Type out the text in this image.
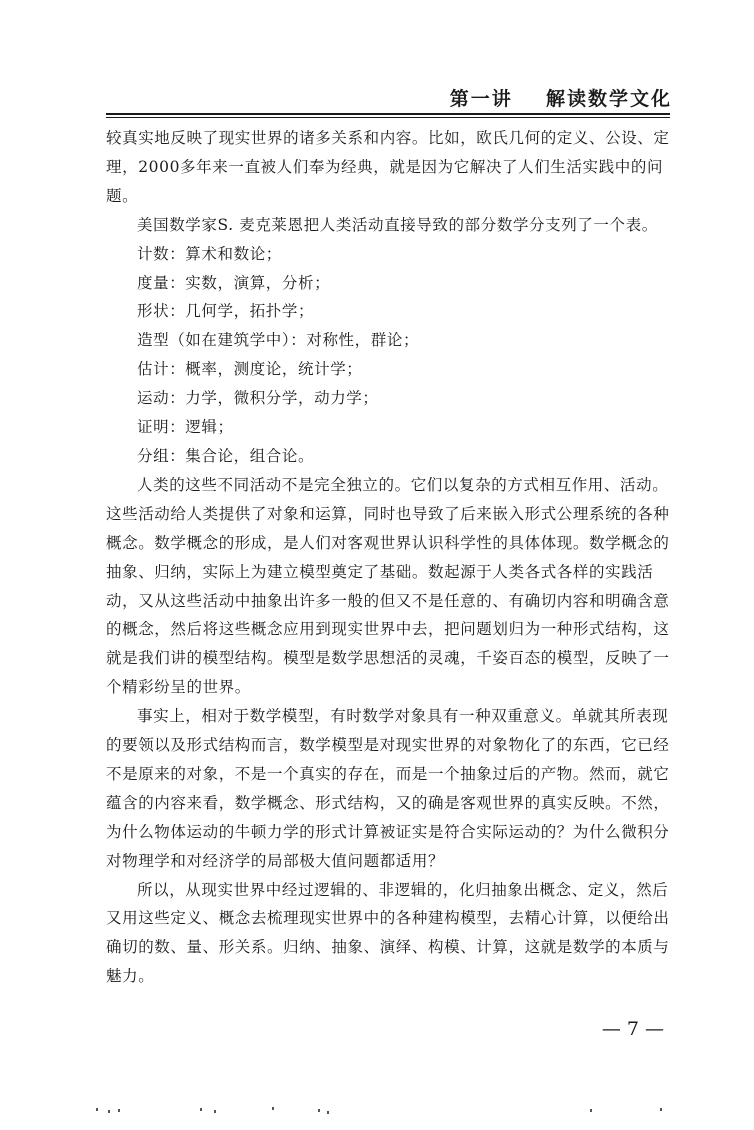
第一讲  解读数学文化

较真实地反映了现实世界的诸多关系和内容。比如，欧氏几何的定义、公设、定理，2000多年来一直被人们奉为经典，就是因为它解决了人们生活实践中的问题。

美国数学家S. 麦克莱恩把人类活动直接导致的部分数学分支列了一个表。

计数：算术和数论；
度量：实数，演算，分析；
形状：几何学，拓扑学；
造型（如在建筑学中）：对称性，群论；
估计：概率，测度论，统计学；
运动：力学，微积分学，动力学；
证明：逻辑；
分组：集合论，组合论。

人类的这些不同活动不是完全独立的。它们以复杂的方式相互作用、活动。这些活动给人类提供了对象和运算，同时也导致了后来嵌入形式公理系统的各种概念。数学概念的形成，是人们对客观世界认识科学性的具体体现。数学概念的抽象、归纳，实际上为建立模型奠定了基础。数起源于人类各式各样的实践活动，又从这些活动中抽象出许多一般的但又不是任意的、有确切内容和明确含意的概念，然后将这些概念应用到现实世界中去，把问题划归为一种形式结构，这就是我们讲的模型结构。模型是数学思想活的灵魂，千姿百态的模型，反映了一个精彩纷呈的世界。

事实上，相对于数学模型，有时数学对象具有一种双重意义。单就其所表现的要领以及形式结构而言，数学模型是对现实世界的对象物化了的东西，它已经不是原来的对象，不是一个真实的存在，而是一个抽象过后的产物。然而，就它蕴含的内容来看，数学概念、形式结构，又的确是客观世界的真实反映。不然，为什么物体运动的牛顿力学的形式计算被证实是符合实际运动的？为什么微积分对物理学和对经济学的局部极大值问题都适用？

所以，从现实世界中经过逻辑的、非逻辑的，化归抽象出概念、定义，然后又用这些定义、概念去梳理现实世界中的各种建构模型，去精心计算，以便给出确切的数、量、形关系。归纳、抽象、演绎、构模、计算，这就是数学的本质与魅力。

— 7 —
